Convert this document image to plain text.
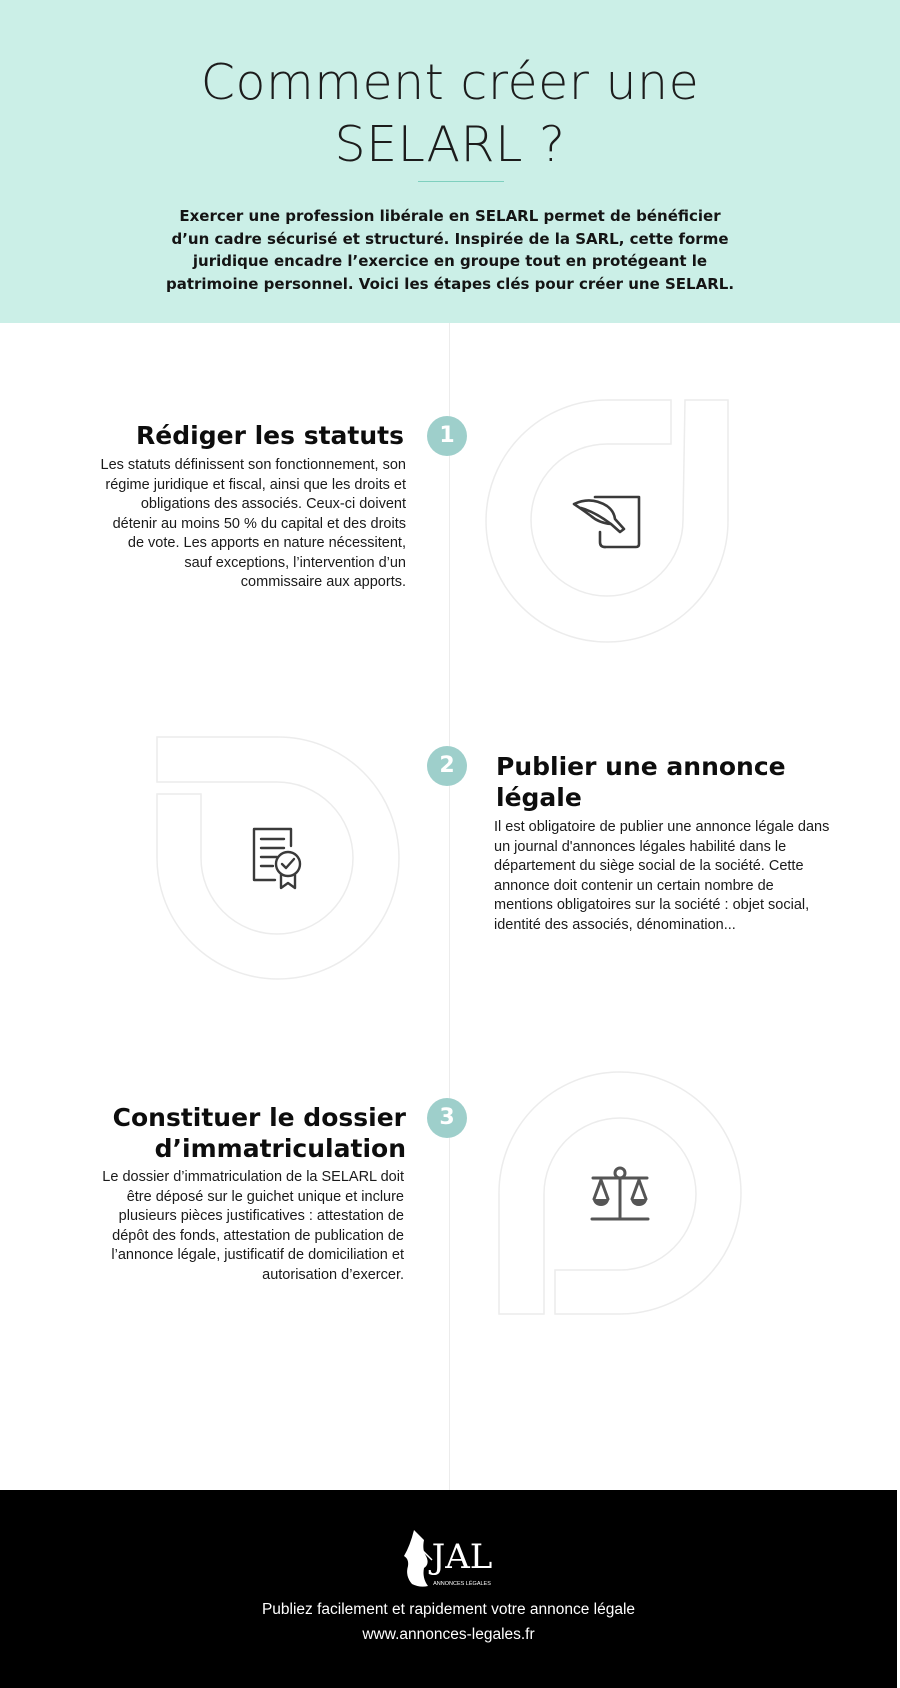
Comment créer une
SELARL ?

Exercer une profession libérale en SELARL permet de bénéficier d’un cadre sécurisé et structuré. Inspirée de la SARL, cette forme juridique encadre l’exercice en groupe tout en protégeant le patrimoine personnel. Voici les étapes clés pour créer une SELARL.

Rédiger les statuts

Les statuts définissent son fonctionnement, son régime juridique et fiscal, ainsi que les droits et obligations des associés. Ceux-ci doivent détenir au moins 50 % du capital et des droits de vote. Les apports en nature nécessitent, sauf exceptions, l’intervention d’un commissaire aux apports.

1
2	Publier une annonce légale

Il est obligatoire de publier une annonce légale dans un journal d'annonces légales habilité dans le département du siège social de la société. Cette annonce doit contenir un certain nombre de mentions obligatoires sur la société : objet social, identité des associés, dénomination...

Constituer le dossier
d’immatriculation

Le dossier d’immatriculation de la SELARL doit être déposé sur le guichet unique et inclure plusieurs pièces justificatives : attestation de dépôt des fonds, attestation de publication de l’annonce légale, justificatif de domiciliation et autorisation d’exercer.

3
JAL
ANNONCES LÉGALES

Publiez facilement et rapidement votre annonce légale

www.annonces-legales.fr
